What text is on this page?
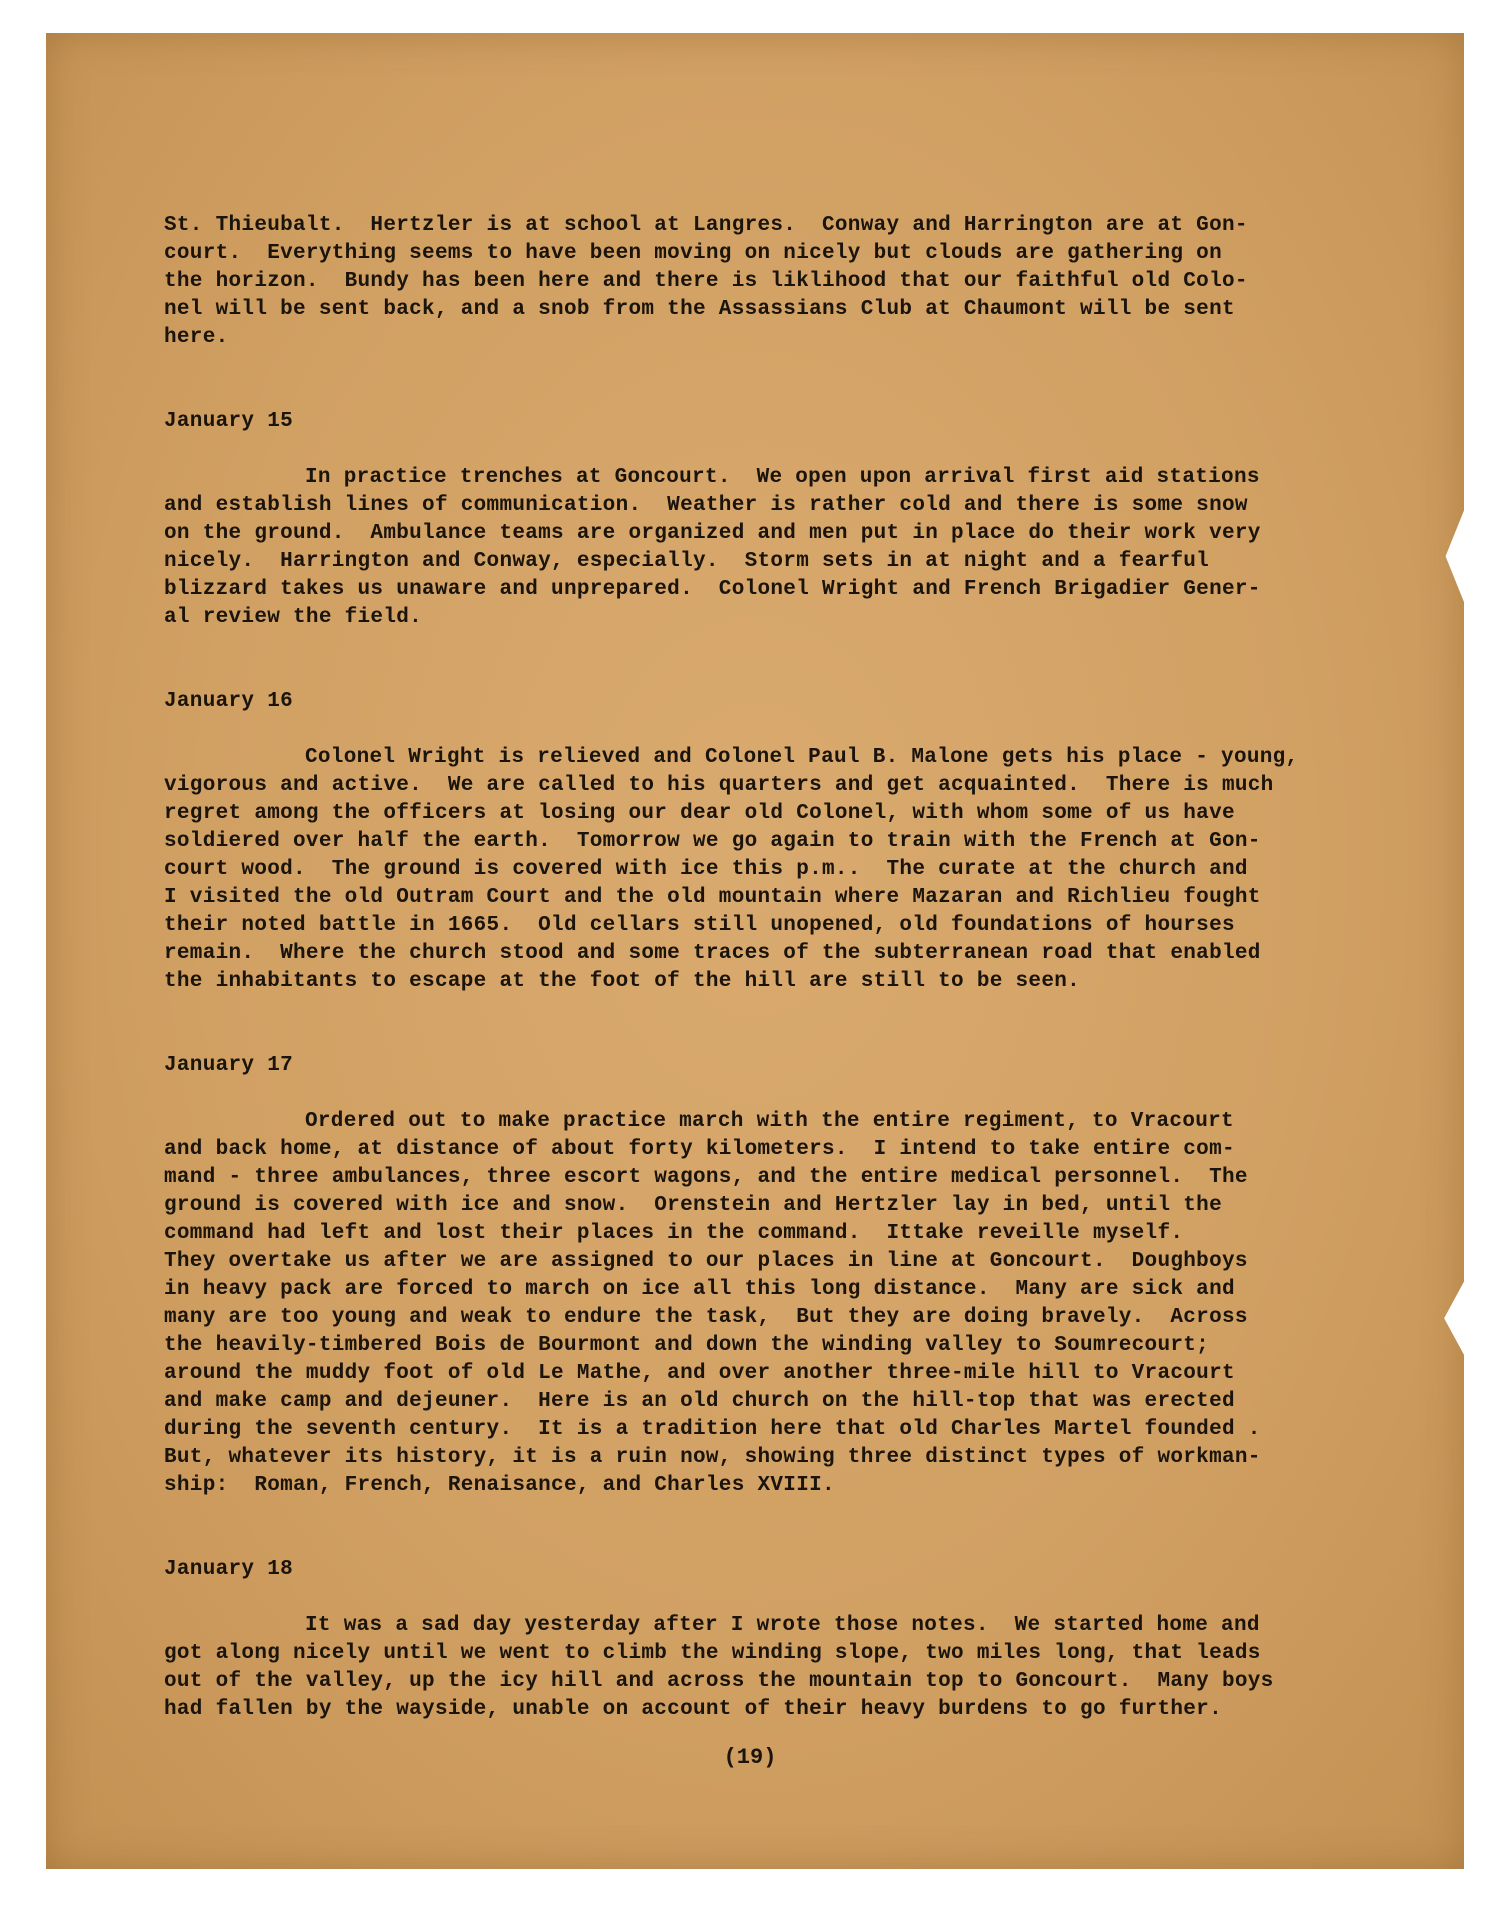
St. Thieubalt.  Hertzler is at school at Langres.  Conway and Harrington are at Gon-
court.  Everything seems to have been moving on nicely but clouds are gathering on
the horizon.  Bundy has been here and there is liklihood that our faithful old Colo-
nel will be sent back, and a snob from the Assassians Club at Chaumont will be sent
here.
January 15
In practice trenches at Goncourt.  We open upon arrival first aid stations
and establish lines of communication.  Weather is rather cold and there is some snow
on the ground.  Ambulance teams are organized and men put in place do their work very
nicely.  Harrington and Conway, especially.  Storm sets in at night and a fearful
blizzard takes us unaware and unprepared.  Colonel Wright and French Brigadier Gener-
al review the field.
January 16
Colonel Wright is relieved and Colonel Paul B. Malone gets his place - young,
vigorous and active.  We are called to his quarters and get acquainted.  There is much
regret among the officers at losing our dear old Colonel, with whom some of us have
soldiered over half the earth.  Tomorrow we go again to train with the French at Gon-
court wood.  The ground is covered with ice this p.m..  The curate at the church and
I visited the old Outram Court and the old mountain where Mazaran and Richlieu fought
their noted battle in 1665.  Old cellars still unopened, old foundations of hourses
remain.  Where the church stood and some traces of the subterranean road that enabled
the inhabitants to escape at the foot of the hill are still to be seen.
January 17
Ordered out to make practice march with the entire regiment, to Vracourt
and back home, at distance of about forty kilometers.  I intend to take entire com-
mand - three ambulances, three escort wagons, and the entire medical personnel.  The
ground is covered with ice and snow.  Orenstein and Hertzler lay in bed, until the
command had left and lost their places in the command.  Ittake reveille myself.
They overtake us after we are assigned to our places in line at Goncourt.  Doughboys
in heavy pack are forced to march on ice all this long distance.  Many are sick and
many are too young and weak to endure the task,  But they are doing bravely.  Across
the heavily-timbered Bois de Bourmont and down the winding valley to Soumrecourt;
around the muddy foot of old Le Mathe, and over another three-mile hill to Vracourt
and make camp and dejeuner.  Here is an old church on the hill-top that was erected
during the seventh century.  It is a tradition here that old Charles Martel founded .
But, whatever its history, it is a ruin now, showing three distinct types of workman-
ship:  Roman, French, Renaisance, and Charles XVIII.
January 18
It was a sad day yesterday after I wrote those notes.  We started home and
got along nicely until we went to climb the winding slope, two miles long, that leads
out of the valley, up the icy hill and across the mountain top to Goncourt.  Many boys
had fallen by the wayside, unable on account of their heavy burdens to go further.
(19)
